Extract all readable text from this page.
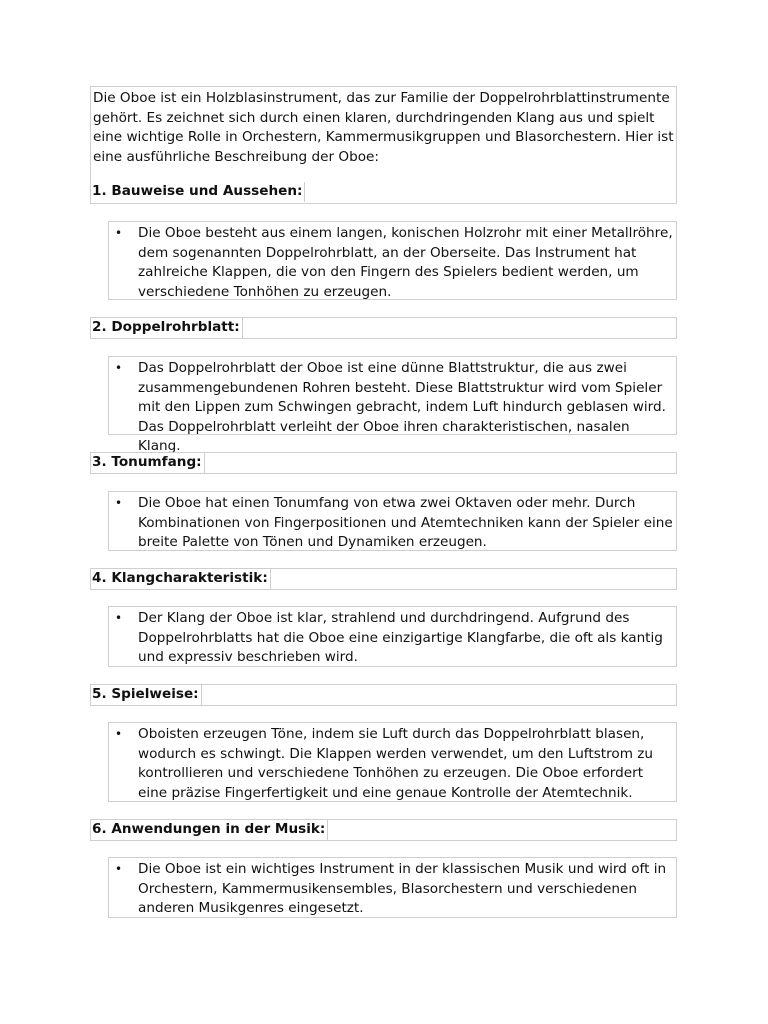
Die Oboe ist ein Holzblasinstrument, das zur Familie der Doppelrohrblattinstrumente gehört. Es zeichnet sich durch einen klaren, durchdringenden Klang aus und spielt eine wichtige Rolle in Orchestern, Kammermusikgruppen und Blasorchestern. Hier ist eine ausführliche Beschreibung der Oboe:

1. Bauweise und Aussehen:
• Die Oboe besteht aus einem langen, konischen Holzrohr mit einer Metallröhre, dem sogenannten Doppelrohrblatt, an der Oberseite. Das Instrument hat zahlreiche Klappen, die von den Fingern des Spielers bedient werden, um verschiedene Tonhöhen zu erzeugen.

2. Doppelrohrblatt:
• Das Doppelrohrblatt der Oboe ist eine dünne Blattstruktur, die aus zwei zusammengebundenen Rohren besteht. Diese Blattstruktur wird vom Spieler mit den Lippen zum Schwingen gebracht, indem Luft hindurch geblasen wird. Das Doppelrohrblatt verleiht der Oboe ihren charakteristischen, nasalen Klang.

3. Tonumfang:
• Die Oboe hat einen Tonumfang von etwa zwei Oktaven oder mehr. Durch Kombinationen von Fingerpositionen und Atemtechniken kann der Spieler eine breite Palette von Tönen und Dynamiken erzeugen.

4. Klangcharakteristik:
• Der Klang der Oboe ist klar, strahlend und durchdringend. Aufgrund des Doppelrohrblatts hat die Oboe eine einzigartige Klangfarbe, die oft als kantig und expressiv beschrieben wird.

5. Spielweise:
• Oboisten erzeugen Töne, indem sie Luft durch das Doppelrohrblatt blasen, wodurch es schwingt. Die Klappen werden verwendet, um den Luftstrom zu kontrollieren und verschiedene Tonhöhen zu erzeugen. Die Oboe erfordert eine präzise Fingerfertigkeit und eine genaue Kontrolle der Atemtechnik.

6. Anwendungen in der Musik:
• Die Oboe ist ein wichtiges Instrument in der klassischen Musik und wird oft in Orchestern, Kammermusikensembles, Blasorchestern und verschiedenen anderen Musikgenres eingesetzt.
